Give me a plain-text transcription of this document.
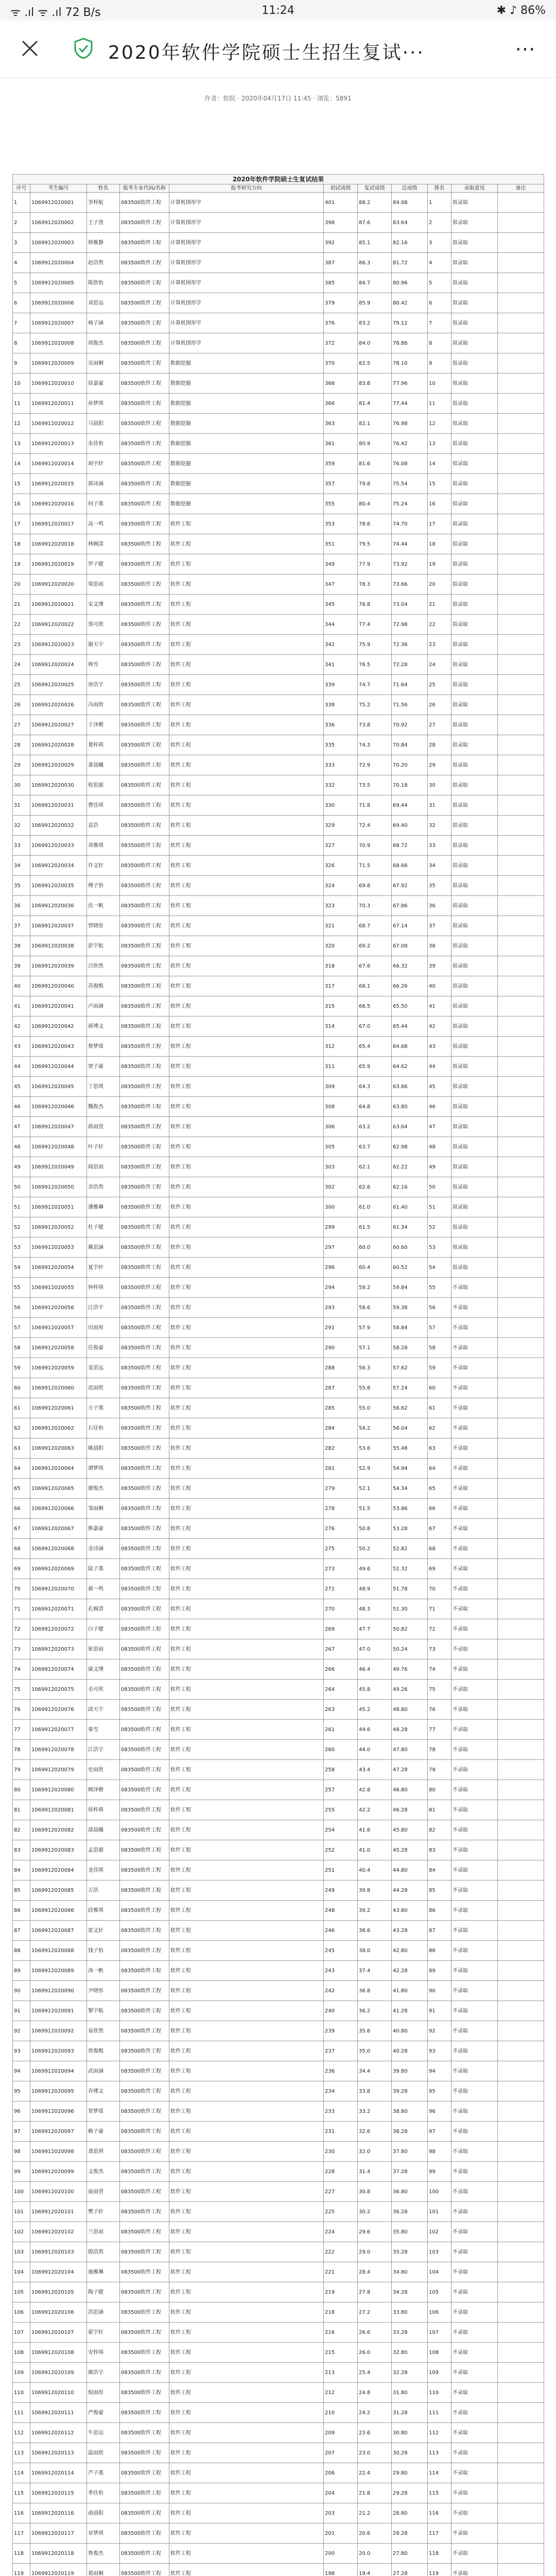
ᯤ .ıl ᯤ .ıl 72 B/s	11:24	✱ ♪ 86%
2020年软件学院硕士生招生复试···	⋯
作者：软院 · 2020年04月17日 11:45 · 浏览：5891
2020年软件学院硕士生复试结果										
序号	考生编号	姓名	报考专业代码/名称	报考研究方向	初试成绩	复试成绩	总成绩	排名	录取意见	备注
1	1069912020001	李梓航	083500软件工程	计算机图形学	401	88.2	84.08	1	拟录取	
2	1069912020002	王子萱	083500软件工程	计算机图形学	398	87.6	83.64	2	拟录取	
3	1069912020003	韩雅静	083500软件工程	计算机图形学	392	85.1	82.16	3	拟录取	
4	1069912020004	赵浩然	083500软件工程	计算机图形学	387	86.3	81.72	4	拟录取	
5	1069912020005	陈欣怡	083500软件工程	计算机图形学	385	84.7	80.96	5	拟录取	
6	1069912020006	刘思远	083500软件工程	计算机图形学	379	85.9	80.42	6	拟录取	
7	1069912020007	杨子涵	083500软件工程	计算机图形学	376	83.2	79.12	7	拟录取	
8	1069912020008	周俊杰	083500软件工程	计算机图形学	372	84.0	78.88	8	拟录取	
9	1069912020009	吴雨桐	083500软件工程	数据挖掘	370	82.5	78.10	9	拟录取	
10	1069912020010	徐嘉豪	083500软件工程	数据挖掘	368	83.8	77.96	10	拟录取	
11	1069912020011	孙梦琪	083500软件工程	数据挖掘	366	81.4	77.44	11	拟录取	
12	1069912020012	马晨阳	083500软件工程	数据挖掘	363	82.1	76.98	12	拟录取	
13	1069912020013	朱佳怡	083500软件工程	数据挖掘	361	80.9	76.42	13	拟录取	
14	1069912020014	胡宇轩	083500软件工程	数据挖掘	359	81.6	76.08	14	拟录取	
15	1069912020015	郭诗涵	083500软件工程	数据挖掘	357	79.8	75.54	15	拟录取	
16	1069912020016	何子墨	083500软件工程	数据挖掘	355	80.4	75.24	16	拟录取	
17	1069912020017	高一鸣	083500软件工程	软件工程	353	78.6	74.70	17	拟录取	
18	1069912020018	林婉清	083500软件工程	软件工程	351	79.5	74.44	18	拟录取	
19	1069912020019	罗子健	083500软件工程	软件工程	349	77.9	73.92	19	拟录取	
20	1069912020020	梁思雨	083500软件工程	软件工程	347	78.3	73.66	20	拟录取	
21	1069912020021	宋文博	083500软件工程	软件工程	345	76.8	73.04	21	拟录取	
22	1069912020022	郑可欣	083500软件工程	软件工程	344	77.4	72.98	22	拟录取	
23	1069912020023	谢天宇	083500软件工程	软件工程	342	75.9	72.36	23	拟录取	
24	1069912020024	韩雪	083500软件工程	软件工程	341	76.5	72.28	24	拟录取	
25	1069912020025	唐浩宇	083500软件工程	软件工程	339	74.7	71.64	25	拟录取	
26	1069912020026	冯雨欣	083500软件工程	软件工程	338	75.2	71.56	26	拟录取	
27	1069912020027	于泽楷	083500软件工程	软件工程	336	73.8	70.92	27	拟录取	
28	1069912020028	董梓萌	083500软件工程	软件工程	335	74.3	70.84	28	拟录取	
29	1069912020029	萧晨曦	083500软件工程	软件工程	333	72.9	70.20	29	拟录取	
30	1069912020030	程思源	083500软件工程	软件工程	332	73.5	70.18	30	拟录取	
31	1069912020031	曹佳琪	083500软件工程	软件工程	330	71.8	69.44	31	拟录取	
32	1069912020032	袁浩	083500软件工程	软件工程	329	72.4	69.40	32	拟录取	
33	1069912020033	邓雅琪	083500软件工程	软件工程	327	70.9	68.72	33	拟录取	
34	1069912020034	许文轩	083500软件工程	软件工程	326	71.5	68.66	34	拟录取	
35	1069912020035	傅子怡	083500软件工程	软件工程	324	69.8	67.92	35	拟录取	
36	1069912020036	沈一帆	083500软件工程	软件工程	323	70.3	67.86	36	拟录取	
37	1069912020037	曾晓彤	083500软件工程	软件工程	321	68.7	67.14	37	拟录取	
38	1069912020038	彭宇航	083500软件工程	软件工程	320	69.2	67.08	38	拟录取	
39	1069912020039	吕欣然	083500软件工程	软件工程	318	67.6	66.32	39	拟录取	
40	1069912020040	苏俊熙	083500软件工程	软件工程	317	68.1	66.26	40	拟录取	
41	1069912020041	卢雨涵	083500软件工程	软件工程	315	66.5	65.50	41	拟录取	
42	1069912020042	蒋博文	083500软件工程	软件工程	314	67.0	65.44	42	拟录取	
43	1069912020043	蔡梦瑶	083500软件工程	软件工程	312	65.4	64.68	43	拟录取	
44	1069912020044	贾子豪	083500软件工程	软件工程	311	65.9	64.62	44	拟录取	
45	1069912020045	丁思琪	083500软件工程	软件工程	309	64.3	63.86	45	拟录取	
46	1069912020046	魏俊杰	083500软件工程	软件工程	308	64.8	63.80	46	拟录取	
47	1069912020047	薛雨萱	083500软件工程	软件工程	306	63.2	63.04	47	拟录取	
48	1069912020048	叶子轩	083500软件工程	软件工程	305	63.7	62.98	48	拟录取	
49	1069912020049	阎思雨	083500软件工程	软件工程	303	62.1	62.22	49	拟录取	
50	1069912020050	余浩然	083500软件工程	软件工程	302	62.6	62.16	50	拟录取	
51	1069912020051	潘雅琳	083500软件工程	软件工程	300	61.0	61.40	51	拟录取	
52	1069912020052	杜子健	083500软件工程	软件工程	299	61.5	61.34	52	拟录取	
53	1069912020053	戴思涵	083500软件工程	软件工程	297	60.0	60.60	53	拟录取	
54	1069912020054	夏宇轩	083500软件工程	软件工程	296	60.4	60.52	54	拟录取	
55	1069912020055	钟梓琪	083500软件工程	软件工程	294	59.2	59.84	55	不录取	
56	1069912020056	汪浩宇	083500软件工程	软件工程	293	58.6	59.38	56	不录取	
57	1069912020057	田雨彤	083500软件工程	软件工程	291	57.9	58.84	57	不录取	
58	1069912020058	任俊豪	083500软件工程	软件工程	290	57.1	58.28	58	不录取	
59	1069912020059	姜思远	083500软件工程	软件工程	288	56.3	57.62	59	不录取	
60	1069912020060	范雨欣	083500软件工程	软件工程	287	55.8	57.24	60	不录取	
61	1069912020061	方子墨	083500软件工程	软件工程	285	55.0	56.62	61	不录取	
62	1069912020062	石佳怡	083500软件工程	软件工程	284	54.2	56.04	62	不录取	
63	1069912020063	姚晨阳	083500软件工程	软件工程	282	53.6	55.48	63	不录取	
64	1069912020064	谭梦琪	083500软件工程	软件工程	281	52.9	54.94	64	不录取	
65	1069912020065	廖俊杰	083500软件工程	软件工程	279	52.1	54.34	65	不录取	
66	1069912020066	邹雨桐	083500软件工程	软件工程	278	51.5	53.86	66	不录取	
67	1069912020067	熊嘉豪	083500软件工程	软件工程	276	50.8	53.28	67	不录取	
68	1069912020068	金诗涵	083500软件工程	软件工程	275	50.2	52.82	68	不录取	
69	1069912020069	陆子墨	083500软件工程	软件工程	273	49.6	52.32	69	不录取	
70	1069912020070	郝一鸣	083500软件工程	软件工程	272	48.9	51.78	70	不录取	
71	1069912020071	孔婉清	083500软件工程	软件工程	270	48.3	51.30	71	不录取	
72	1069912020072	白子健	083500软件工程	软件工程	269	47.7	50.82	72	不录取	
73	1069912020073	崔思雨	083500软件工程	软件工程	267	47.0	50.24	73	不录取	
74	1069912020074	康文博	083500软件工程	软件工程	266	46.4	49.76	74	不录取	
75	1069912020075	毛可欣	083500软件工程	软件工程	264	45.8	49.26	75	不录取	
76	1069912020076	邱天宇	083500软件工程	软件工程	263	45.2	48.80	76	不录取	
77	1069912020077	秦雪	083500软件工程	软件工程	261	44.6	48.28	77	不录取	
78	1069912020078	江浩宇	083500软件工程	软件工程	260	44.0	47.80	78	不录取	
79	1069912020079	史雨欣	083500软件工程	软件工程	258	43.4	47.28	79	不录取	
80	1069912020080	顾泽楷	083500软件工程	软件工程	257	42.8	46.80	80	不录取	
81	1069912020081	侯梓萌	083500软件工程	软件工程	255	42.2	46.28	81	不录取	
82	1069912020082	邵晨曦	083500软件工程	软件工程	254	41.6	45.80	82	不录取	
83	1069912020083	孟思源	083500软件工程	软件工程	252	41.0	45.28	83	不录取	
84	1069912020084	龙佳琪	083500软件工程	软件工程	251	40.4	44.80	84	不录取	
85	1069912020085	万浩	083500软件工程	软件工程	249	39.8	44.28	85	不录取	
86	1069912020086	段雅琪	083500软件工程	软件工程	248	39.2	43.80	86	不录取	
87	1069912020087	雷文轩	083500软件工程	软件工程	246	38.6	43.28	87	不录取	
88	1069912020088	钱子怡	083500软件工程	软件工程	245	38.0	42.80	88	不录取	
89	1069912020089	汤一帆	083500软件工程	软件工程	243	37.4	42.28	89	不录取	
90	1069912020090	尹晓彤	083500软件工程	软件工程	242	36.8	41.80	90	不录取	
91	1069912020091	黎宇航	083500软件工程	软件工程	240	36.2	41.28	91	不录取	
92	1069912020092	易欣然	083500软件工程	软件工程	239	35.6	40.80	92	不录取	
93	1069912020093	常俊熙	083500软件工程	软件工程	237	35.0	40.28	93	不录取	
94	1069912020094	武雨涵	083500软件工程	软件工程	236	34.4	39.80	94	不录取	
95	1069912020095	乔博文	083500软件工程	软件工程	234	33.8	39.28	95	不录取	
96	1069912020096	贺梦瑶	083500软件工程	软件工程	233	33.2	38.80	96	不录取	
97	1069912020097	赖子豪	083500软件工程	软件工程	231	32.6	38.28	97	不录取	
98	1069912020098	龚思琪	083500软件工程	软件工程	230	32.0	37.80	98	不录取	
99	1069912020099	文俊杰	083500软件工程	软件工程	228	31.4	37.28	99	不录取	
100	1069912020100	庞雨萱	083500软件工程	软件工程	227	30.8	36.80	100	不录取	
101	1069912020101	樊子轩	083500软件工程	软件工程	225	30.2	36.28	101	不录取	
102	1069912020102	兰思雨	083500软件工程	软件工程	224	29.6	35.80	102	不录取	
103	1069912020103	殷浩然	083500软件工程	软件工程	222	29.0	35.28	103	不录取	
104	1069912020104	施雅琳	083500软件工程	软件工程	221	28.4	34.80	104	不录取	
105	1069912020105	陶子健	083500软件工程	软件工程	219	27.8	34.28	105	不录取	
106	1069912020106	洪思涵	083500软件工程	软件工程	218	27.2	33.80	106	不录取	
107	1069912020107	翟宇轩	083500软件工程	软件工程	216	26.6	33.28	107	不录取	
108	1069912020108	安梓琪	083500软件工程	软件工程	215	26.0	32.80	108	不录取	
109	1069912020109	颜浩宇	083500软件工程	软件工程	213	25.4	32.28	109	不录取	
110	1069912020110	倪雨彤	083500软件工程	软件工程	212	24.8	31.80	110	不录取	
111	1069912020111	严俊豪	083500软件工程	软件工程	210	24.2	31.28	111	不录取	
112	1069912020112	牛思远	083500软件工程	软件工程	209	23.6	30.80	112	不录取	
113	1069912020113	温雨欣	083500软件工程	软件工程	207	23.0	30.28	113	不录取	
114	1069912020114	芦子墨	083500软件工程	软件工程	206	22.4	29.80	114	不录取	
115	1069912020115	季佳怡	083500软件工程	软件工程	204	21.8	29.28	115	不录取	
116	1069912020116	俞晨阳	083500软件工程	软件工程	203	21.2	28.80	116	不录取	
117	1069912020117	章梦琪	083500软件工程	软件工程	201	20.6	28.28	117	不录取	
118	1069912020118	鲁俊杰	083500软件工程	软件工程	200	20.0	27.80	118	不录取	
119	1069912020119	葛雨桐	083500软件工程	软件工程	198	19.4	27.28	119	不录取	
